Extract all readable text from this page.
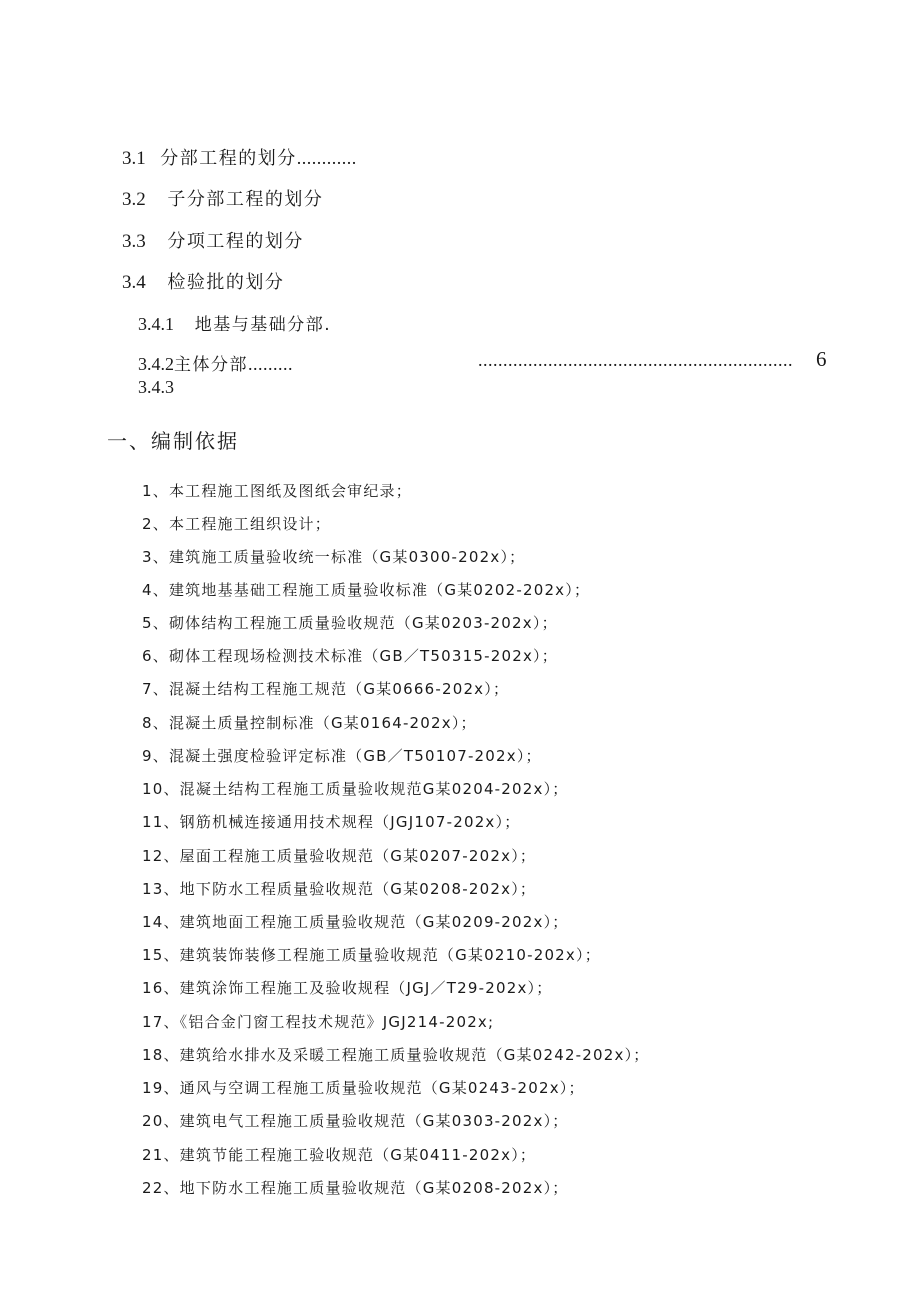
3.1 分部工程的划分............
3.2 子分部工程的划分
3.3 分项工程的划分
3.4 检验批的划分
3.4.1 地基与基础分部.
3.4.2主体分部.........	............................................................... 6
3.4.3
一、编制依据
1、本工程施工图纸及图纸会审纪录；
2、本工程施工组织设计；
3、建筑施工质量验收统一标准（G某0300-202x）；
4、建筑地基基础工程施工质量验收标准（G某0202-202x）；
5、砌体结构工程施工质量验收规范（G某0203-202x）；
6、砌体工程现场检测技术标准（GB／T50315-202x）；
7、混凝土结构工程施工规范（G某0666-202x）；
8、混凝土质量控制标准（G某0164-202x）；
9、混凝土强度检验评定标准（GB／T50107-202x）；
10、混凝土结构工程施工质量验收规范G某0204-202x）；
11、钢筋机械连接通用技术规程（JGJ107-202x）；
12、屋面工程施工质量验收规范（G某0207-202x）；
13、地下防水工程质量验收规范（G某0208-202x）；
14、建筑地面工程施工质量验收规范（G某0209-202x）；
15、建筑装饰装修工程施工质量验收规范（G某0210-202x）；
16、建筑涂饰工程施工及验收规程（JGJ／T29-202x）；
17、《铝合金门窗工程技术规范》JGJ214-202x;
18、建筑给水排水及采暖工程施工质量验收规范（G某0242-202x）；
19、通风与空调工程施工质量验收规范（G某0243-202x）；
20、建筑电气工程施工质量验收规范（G某0303-202x）；
21、建筑节能工程施工验收规范（G某0411-202x）；
22、地下防水工程施工质量验收规范（G某0208-202x）；
